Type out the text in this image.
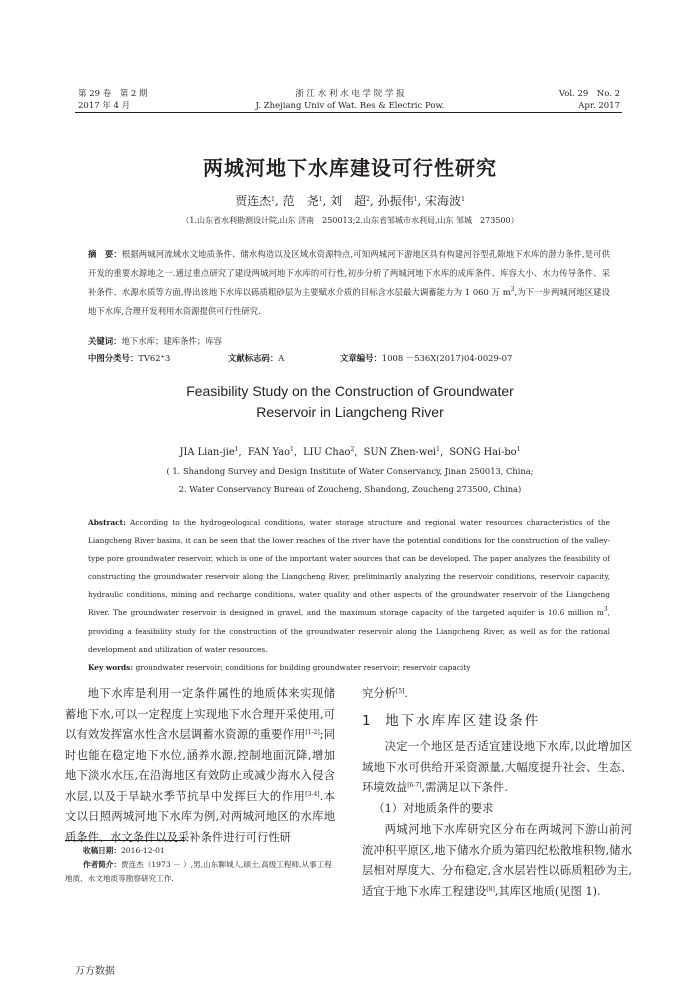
第 29 卷　第 2 期
2017 年 4 月
浙 江 水 利 水 电 学 院 学 报
J. Zhejiang Univ of Wat. Res & Electric Pow.
Vol. 29　No. 2
Apr. 2017
两城河地下水库建设可行性研究
贾连杰$^1$, 范　尧$^1$, 刘　超$^2$, 孙振伟$^1$, 宋海波$^1$
（1.山东省水利勘测设计院,山东 济南　250013;2.山东省邹城市水利局,山东 邹城　273500）
摘　要：根据两城河流域水文地质条件、储水构造以及区域水资源特点,可知两城河下游地区具有构建河谷型孔隙地下水库的潜力条件,是可供开发的重要水源地之一.通过重点研究了建设两城河地下水库的可行性,初步分析了两城河地下水库的成库条件、库容大小、水力传导条件、采补条件、水源水质等方面,得出该地下水库以砾质粗砂层为主要赋水介质的目标含水层最大调蓄能力为 1 060 万 $m^3$,为下一步两城河地区建设地下水库,合理开发利用水资源提供可行性研究.
关键词：地下水库；建库条件；库容
中图分类号：TV62⁺3	文献标志码：A	文章编号：1008 －536X(2017)04-0029-07
Feasibility Study on the Construction of Groundwater
Reservoir in Liangcheng River
JIA Lian-jie$^1$,  FAN Yao$^1$,  LIU Chao$^2$,  SUN Zhen-wei$^1$,  SONG Hai-$bo^1$
( 1. Shandong Survey and Design Institute of Water Conservancy, Jinan 250013, China;
2. Water Conservancy Bureau of Zoucheng, Shandong, Zoucheng 273500, China)
Abstract: According to the hydrogeological conditions, water storage structure and regional water resources characteristics of the Liangcheng River basins, it can be seen that the lower reaches of the river have the potential conditions for the construction of the valley-type pore groundwater reservoir, which is one of the important water sources that can be developed. The paper analyzes the feasibility of constructing the groundwater reservoir along the Liangcheng River, preliminarily analyzing the reservoir conditions, reservoir capacity, hydraulic conditions, mining and recharge conditions, water quality and other aspects of the groundwater reservoir of the Liangcheng River. The groundwater reservoir is designed in gravel, and the maximum storage capacity of the targeted aquifer is 10.6 million $m^3$, providing a feasibility study for the construction of the groundwater reservoir along the Liangcheng River, as well as for the rational development and utilization of water resources.
Key words: groundwater reservoir; conditions for building groundwater reservoir; reservoir capacity
地下水库是利用一定条件属性的地质体来实现储蓄地下水,可以一定程度上实现地下水合理开采使用,可以有效发挥富水性含水层调蓄水资源的重要作用[1-2];同时也能在稳定地下水位,涵养水源,控制地面沉降,增加地下淡水水压,在沿海地区有效防止或减少海水入侵含水层,以及于旱缺水季节抗旱中发挥巨大的作用[3-4].本文以日照两城河地下水库为例,对两城河地区的水库地质条件、水文条件以及采补条件进行可行性研
收稿日期：2016-12-01
作者简介：贾连杰（1973 － ）,男,山东聊城人,硕士,高级工程师,从事工程地质、水文地质等勘察研究工作.
究分析[5].
1 地下水库库区建设条件
决定一个地区是否适宜建设地下水库,以此增加区域地下水可供给开采资源量,大幅度提升社会、生态、环境效益[6-7],需满足以下条件.
（1）对地质条件的要求
两城河地下水库研究区分布在两城河下游山前河流冲积平原区,地下储水介质为第四纪松散堆积物,储水层相对厚度大、分布稳定,含水层岩性以砾质粗砂为主,适宜于地下水库工程建设[8],其库区地质(见图 1).
万方数据
